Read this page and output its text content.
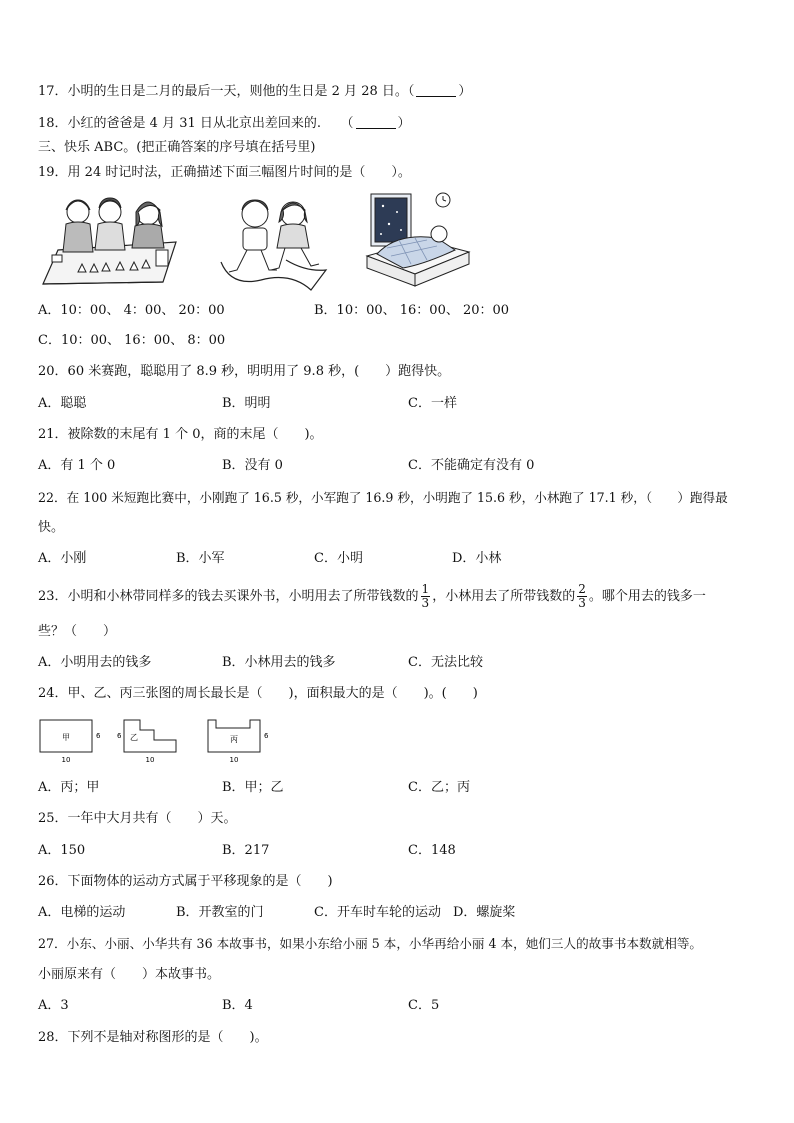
17．小明的生日是二月的最后一天，则他的生日是 2 月 28 日。（	）
18．小红的爸爸是 4 月 31 日从北京出差回来的.　　（	）
三、快乐 ABC。(把正确答案的序号填在括号里)
19．用 24 时记时法，正确描述下面三幅图片时间的是（　　）。
A．10：00、 4：00、 20：00	B．10：00、 16：00、 20：00
C．10：00、 16：00、 8：00
20．60 米赛跑，聪聪用了 8.9 秒，明明用了 9.8 秒，(　　）跑得快。
A．聪聪	B．明明	C．一样
21．被除数的末尾有 1 个 0，商的末尾（　　)。
A．有 1 个 0	B．没有 0	C．不能确定有没有 0
22．在 100 米短跑比赛中，小刚跑了 16.5 秒，小军跑了 16.9 秒，小明跑了 15.6 秒，小林跑了 17.1 秒，（　　）跑得最
快。
A．小刚	B．小军	C．小明	D．小林
23．小明和小林带同样多的钱去买课外书，小明用去了所带钱数的 $\frac{1}{3}$ ，小林用去了所带钱数的 $\frac{2}{3}$ 。哪个用去的钱多一
些？（　　）
A．小明用去的钱多	B．小林用去的钱多	C．无法比较
24．甲、乙、丙三张图的周长最长是（　　)，面积最大的是（　　)。(　　)
甲	6
10
乙
6
10
丙	6
10
A．丙；甲	B．甲；乙	C．乙；丙
25．一年中大月共有（　　）天。
A．150	B．217	C．148
26．下面物体的运动方式属于平移现象的是（　　)
A．电梯的运动	B．开教室的门	C．开车时车轮的运动 D．螺旋桨
27．小东、小丽、小华共有 36 本故事书，如果小东给小丽 5 本，小华再给小丽 4 本，她们三人的故事书本数就相等。
小丽原来有（　　）本故事书。
A．3	B．4	C．5
28．下列不是轴对称图形的是（　　)。
